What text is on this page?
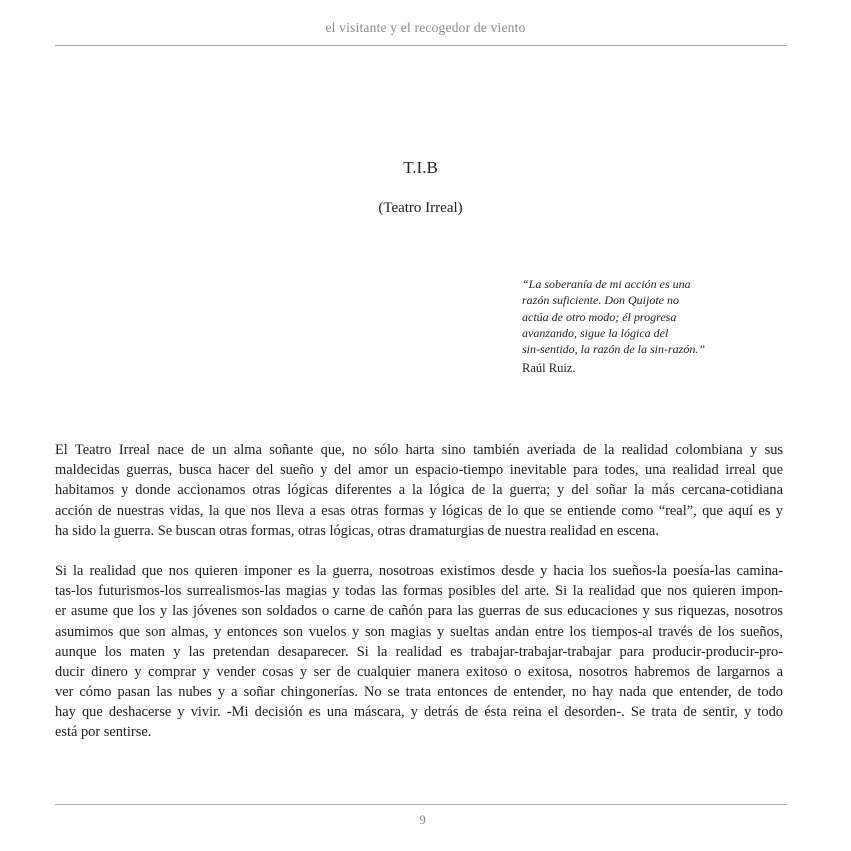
el visitante y el recogedor de viento
T.I.B
(Teatro Irreal)
“La soberanía de mi acción es una
razón suficiente. Don Quijote no
actúa de otro modo; él progresa
avanzando, sigue la lógica del
sin-sentido, la razón de la sin-razón.”
Raúl Ruiz.
El Teatro Irreal nace de un alma soñante que, no sólo harta sino también averiada de la realidad colombiana y sus
maldecidas guerras, busca hacer del sueño y del amor un espacio-tiempo inevitable para todes, una realidad irreal que
habitamos y donde accionamos otras lógicas diferentes a la lógica de la guerra; y del soñar la más cercana-cotidiana
acción de nuestras vidas, la que nos lleva a esas otras formas y lógicas de lo que se entiende como “real”, que aquí es y
ha sido la guerra. Se buscan otras formas, otras lógicas, otras dramaturgias de nuestra realidad en escena.
Si la realidad que nos quieren imponer es la guerra, nosotroas existimos desde y hacia los sueños-la poesía-las camina-
tas-los futurismos-los surrealismos-las magias y todas las formas posibles del arte. Si la realidad que nos quieren impon-
er asume que los y las jóvenes son soldados o carne de cañón para las guerras de sus educaciones y sus riquezas, nosotros
asumimos que son almas, y entonces son vuelos y son magias y sueltas andan entre los tiempos-al través de los sueños,
aunque los maten y las pretendan desaparecer. Si la realidad es trabajar-trabajar-trabajar para producir-producir-pro-
ducir dinero y comprar y vender cosas y ser de cualquier manera exitoso o exitosa, nosotros habremos de largarnos a
ver cómo pasan las nubes y a soñar chingonerías. No se trata entonces de entender, no hay nada que entender, de todo
hay que deshacerse y vivir. -Mi decisión es una máscara, y detrás de ésta reina el desorden-. Se trata de sentir, y todo
está por sentirse.
9
